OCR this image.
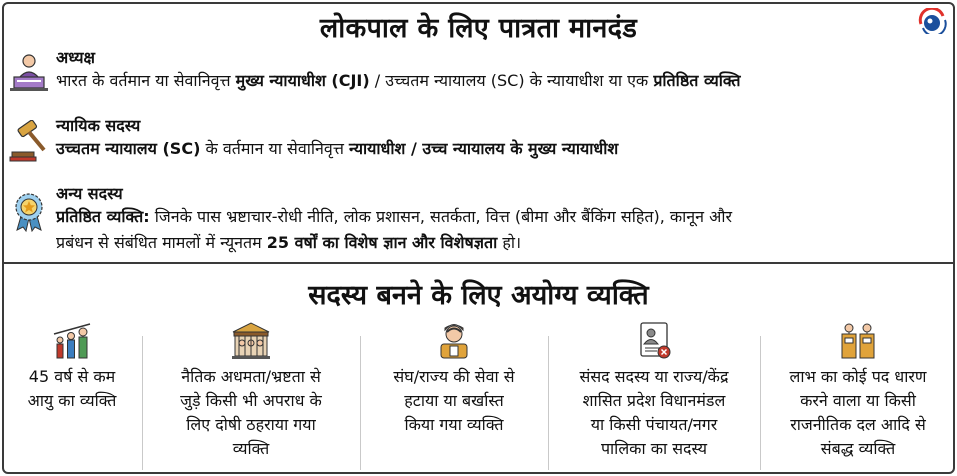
लोकपाल के लिए पात्रता मानदंड
अध्यक्ष
भारत के वर्तमान या सेवानिवृत्त मुख्य न्यायाधीश (CJI) / उच्चतम न्यायालय (SC) के न्यायाधीश या एक प्रतिष्ठित व्यक्ति
न्यायिक सदस्य
उच्चतम न्यायालय (SC) के वर्तमान या सेवानिवृत्त न्यायाधीश / उच्च न्यायालय के मुख्य न्यायाधीश
अन्य सदस्य
प्रतिष्ठित व्यक्ति: जिनके पास भ्रष्टाचार-रोधी नीति, लोक प्रशासन, सतर्कता, वित्त (बीमा और बैंकिंग सहित), कानून और
प्रबंधन से संबंधित मामलों में न्यूनतम 25 वर्षों का विशेष ज्ञान और विशेषज्ञता हो।
सदस्य बनने के लिए अयोग्य व्यक्ति
45 वर्ष से कम
आयु का व्यक्ति
नैतिक अधमता/भ्रष्टता से
जुड़े किसी भी अपराध के
लिए दोषी ठहराया गया
व्यक्ति
संघ/राज्य की सेवा से
हटाया या बर्खास्त
किया गया व्यक्ति
संसद सदस्य या राज्य/केंद्र
शासित प्रदेश विधानमंडल
या किसी पंचायत/नगर
पालिका का सदस्य
लाभ का कोई पद धारण
करने वाला या किसी
राजनीतिक दल आदि से
संबद्ध व्यक्ति
